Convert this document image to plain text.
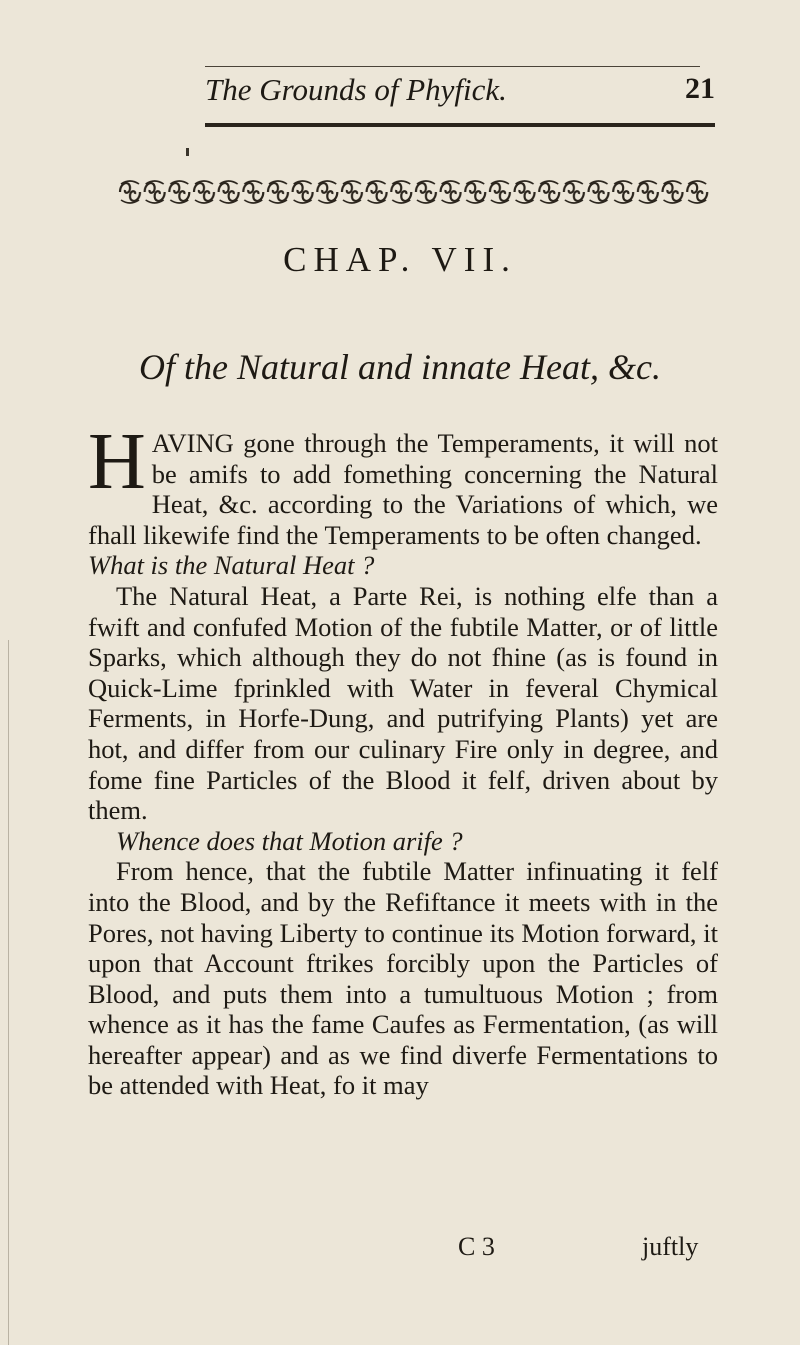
The Grounds of Phyfick.	21
CHAP. VII.
Of the Natural and innate Heat, &c.

HAVING gone through the Temperaments, it will not be amifs to add fomething concerning the Natural Heat, &c. according to the Variations of which, we fhall likewife find the Temperaments to be often changed.

What is the Natural Heat ?

The Natural Heat, a Parte Rei, is nothing elfe than a fwift and confufed Motion of the fubtile Matter, or of little Sparks, which although they do not fhine (as is found in Quick-Lime fprinkled with Water in feveral Chymical Ferments, in Horfe-Dung, and putrifying Plants) yet are hot, and differ from our culinary Fire only in degree, and fome fine Particles of the Blood it felf, driven about by them.

Whence does that Motion arife ?

From hence, that the fubtile Matter infinuating it felf into the Blood, and by the Refiftance it meets with in the Pores, not having Liberty to continue its Motion forward, it upon that Account ftrikes forcibly upon the Particles of Blood, and puts them into a tumultuous Motion ; from whence as it has the fame Caufes as Fermentation, (as will hereafter appear) and as we find diverfe Fermentations to be attended with Heat, fo it may

C 3	juftly
